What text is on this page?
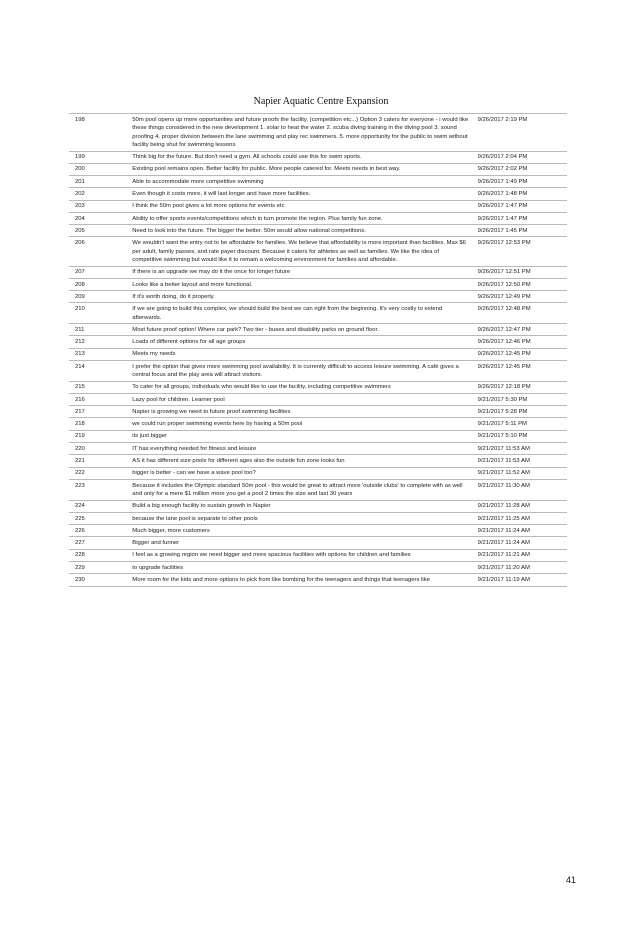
Napier Aquatic Centre Expansion
198	50m pool opens up more opportunities and future proofs the facility. (competition etc...) Option 3 caters for everyone - i would like these things considered in the new development 1. solar to heat the water 2. scuba diving training in the diving pool 3. sound proofing 4. proper division between the lane swimming and play rec swimmers. 5. more opportunity for the public to swim without facility being shut for swimming lessons	9/26/2017 2:19 PM
199	Think big for the future. But don't need a gym. All schools could use this for swim sports.	9/26/2017 2:04 PM
200	Existing pool remains open. Better facility for public. More people catered for. Meets needs in best way.	9/26/2017 2:02 PM
201	Able to accommodate more competitive swimming	9/26/2017 1:49 PM
202	Even though it costs more, it will last longer and have more facilities.	9/26/2017 1:48 PM
203	I think the 50m pool gives a lot more options for events etc	9/26/2017 1:47 PM
204	Ability to offer sports events/competitions which in turn promote the region. Plus family fun zone.	9/26/2017 1:47 PM
205	Need to look into the future. The bigger the better. 50m would allow national competitions.	9/26/2017 1:45 PM
206	We wouldn't want the entry not to be affordable for families. We believe that affordability is more important than facilities. Max $6 per adult, family passes, and rate payer discount. Because it caters for athletes as well as families. We like the idea of competitive swimming but would like it to remain a welcoming environment for families and affordable.	9/26/2017 12:53 PM
207	If there is an upgrade we may do it the once for longer future	9/26/2017 12:51 PM
208	Looks like a better layout and more functional.	9/26/2017 12:50 PM
209	If it's worth doing, do it properly.	9/26/2017 12:49 PM
210	If we are going to build this complex, we should build the best we can right from the beginning. It's very costly to extend afterwards.	9/26/2017 12:48 PM
211	Most future proof option! Where car park? Two tier - buses and disability parks on ground floor.	9/26/2017 12:47 PM
212	Loads of different options for all age groups	9/26/2017 12:46 PM
213	Meets my needs	9/26/2017 12:45 PM
214	I prefer the option that gives more swimming pool availability. It is currently difficult to access leisure swimming. A café gives a central focus and the play area will attract visitors.	9/26/2017 12:45 PM
215	To cater for all groups, individuals who would like to use the facility, including competitive swimmers	9/26/2017 12:18 PM
216	Lazy pool for children. Learner pool	9/21/2017 5:30 PM
217	Napier is growing we need to future proof swimming facilities	9/21/2017 5:28 PM
218	we could run proper swimming events here by having a 50m pool	9/21/2017 5:11 PM
219	its just bigger	9/21/2017 5:10 PM
220	IT has everything needed for fitness and leisure	9/21/2017 11:53 AM
221	AS it has different size pools for different ages also the outside fun zone looks fun	9/21/2017 11:53 AM
222	bigger is better - can we have a wave pool too?	9/21/2017 11:52 AM
223	Because it includes the Olympic standard 50m pool - this would be great to attract more 'outside clubs' to complete with as well and only for a mere $1 million more you get a pool 2 times the size and last 30 years	9/21/2017 11:30 AM
224	Build a big enough facility to sustain growth in Napier	9/21/2017 11:28 AM
225	because the lane pool is separate to other pools	9/21/2017 11:25 AM
226	Much bigger, more customers	9/21/2017 11:24 AM
227	Bigger and funner	9/21/2017 11:24 AM
228	I feel as a growing region we need bigger and more spacious facilities with options for children and families	9/21/2017 11:21 AM
229	to upgrade facilities	9/21/2017 11:20 AM
230	More room for the kids and more options to pick from like bombing for the teenagers and things that teenagers like	9/21/2017 11:19 AM
41
